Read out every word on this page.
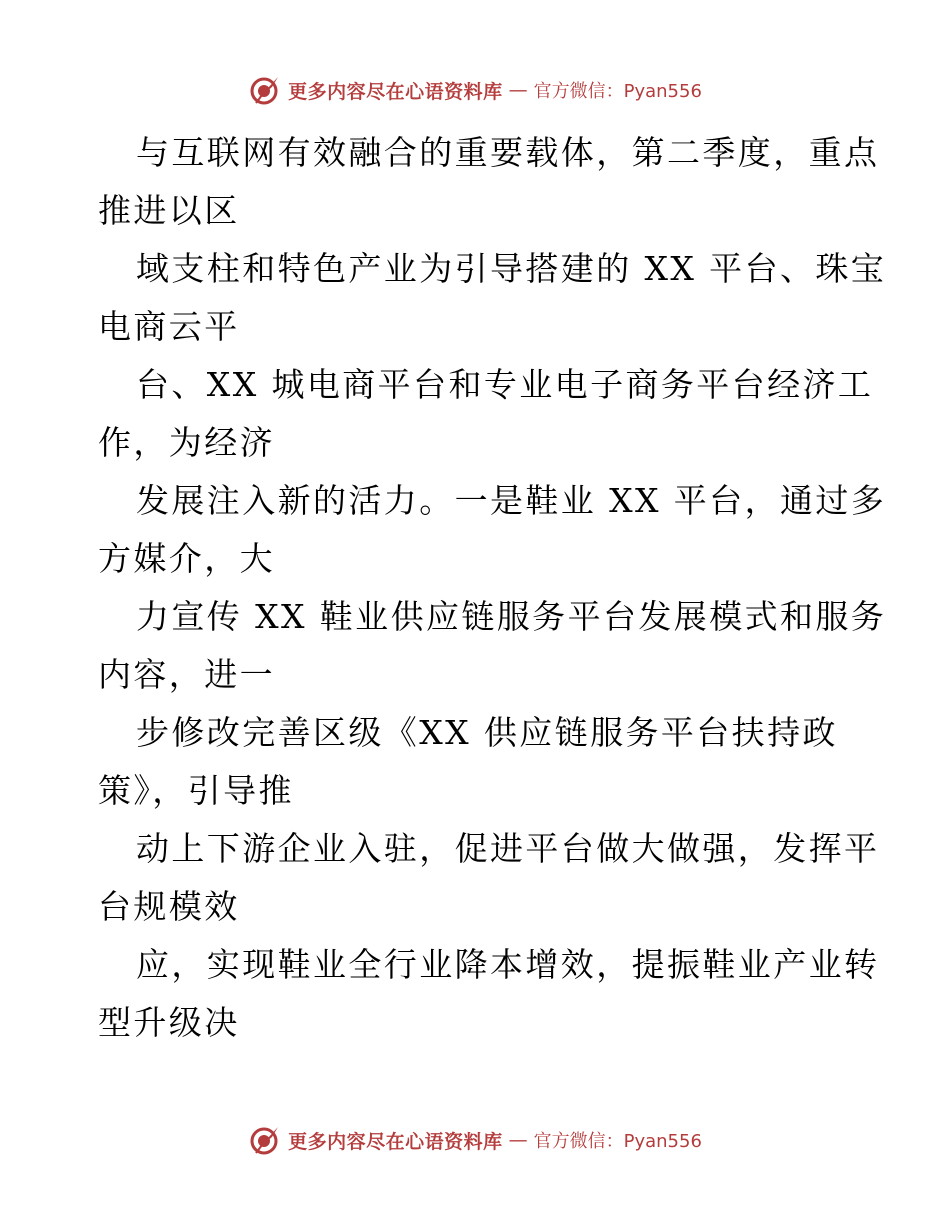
更多内容尽在心语资料库 — 官方微信：Pyan556

与互联网有效融合的重要载体，第二季度，重点
推进以区

域支柱和特色产业为引导搭建的 XX 平台、珠宝
电商云平

台、XX 城电商平台和专业电子商务平台经济工
作，为经济

发展注入新的活力。一是鞋业 XX 平台，通过多
方媒介，大

力宣传 XX 鞋业供应链服务平台发展模式和服务
内容，进一

步修改完善区级《XX 供应链服务平台扶持政
策》，引导推

动上下游企业入驻，促进平台做大做强，发挥平
台规模效

应，实现鞋业全行业降本增效，提振鞋业产业转
型升级决

更多内容尽在心语资料库 — 官方微信：Pyan556
